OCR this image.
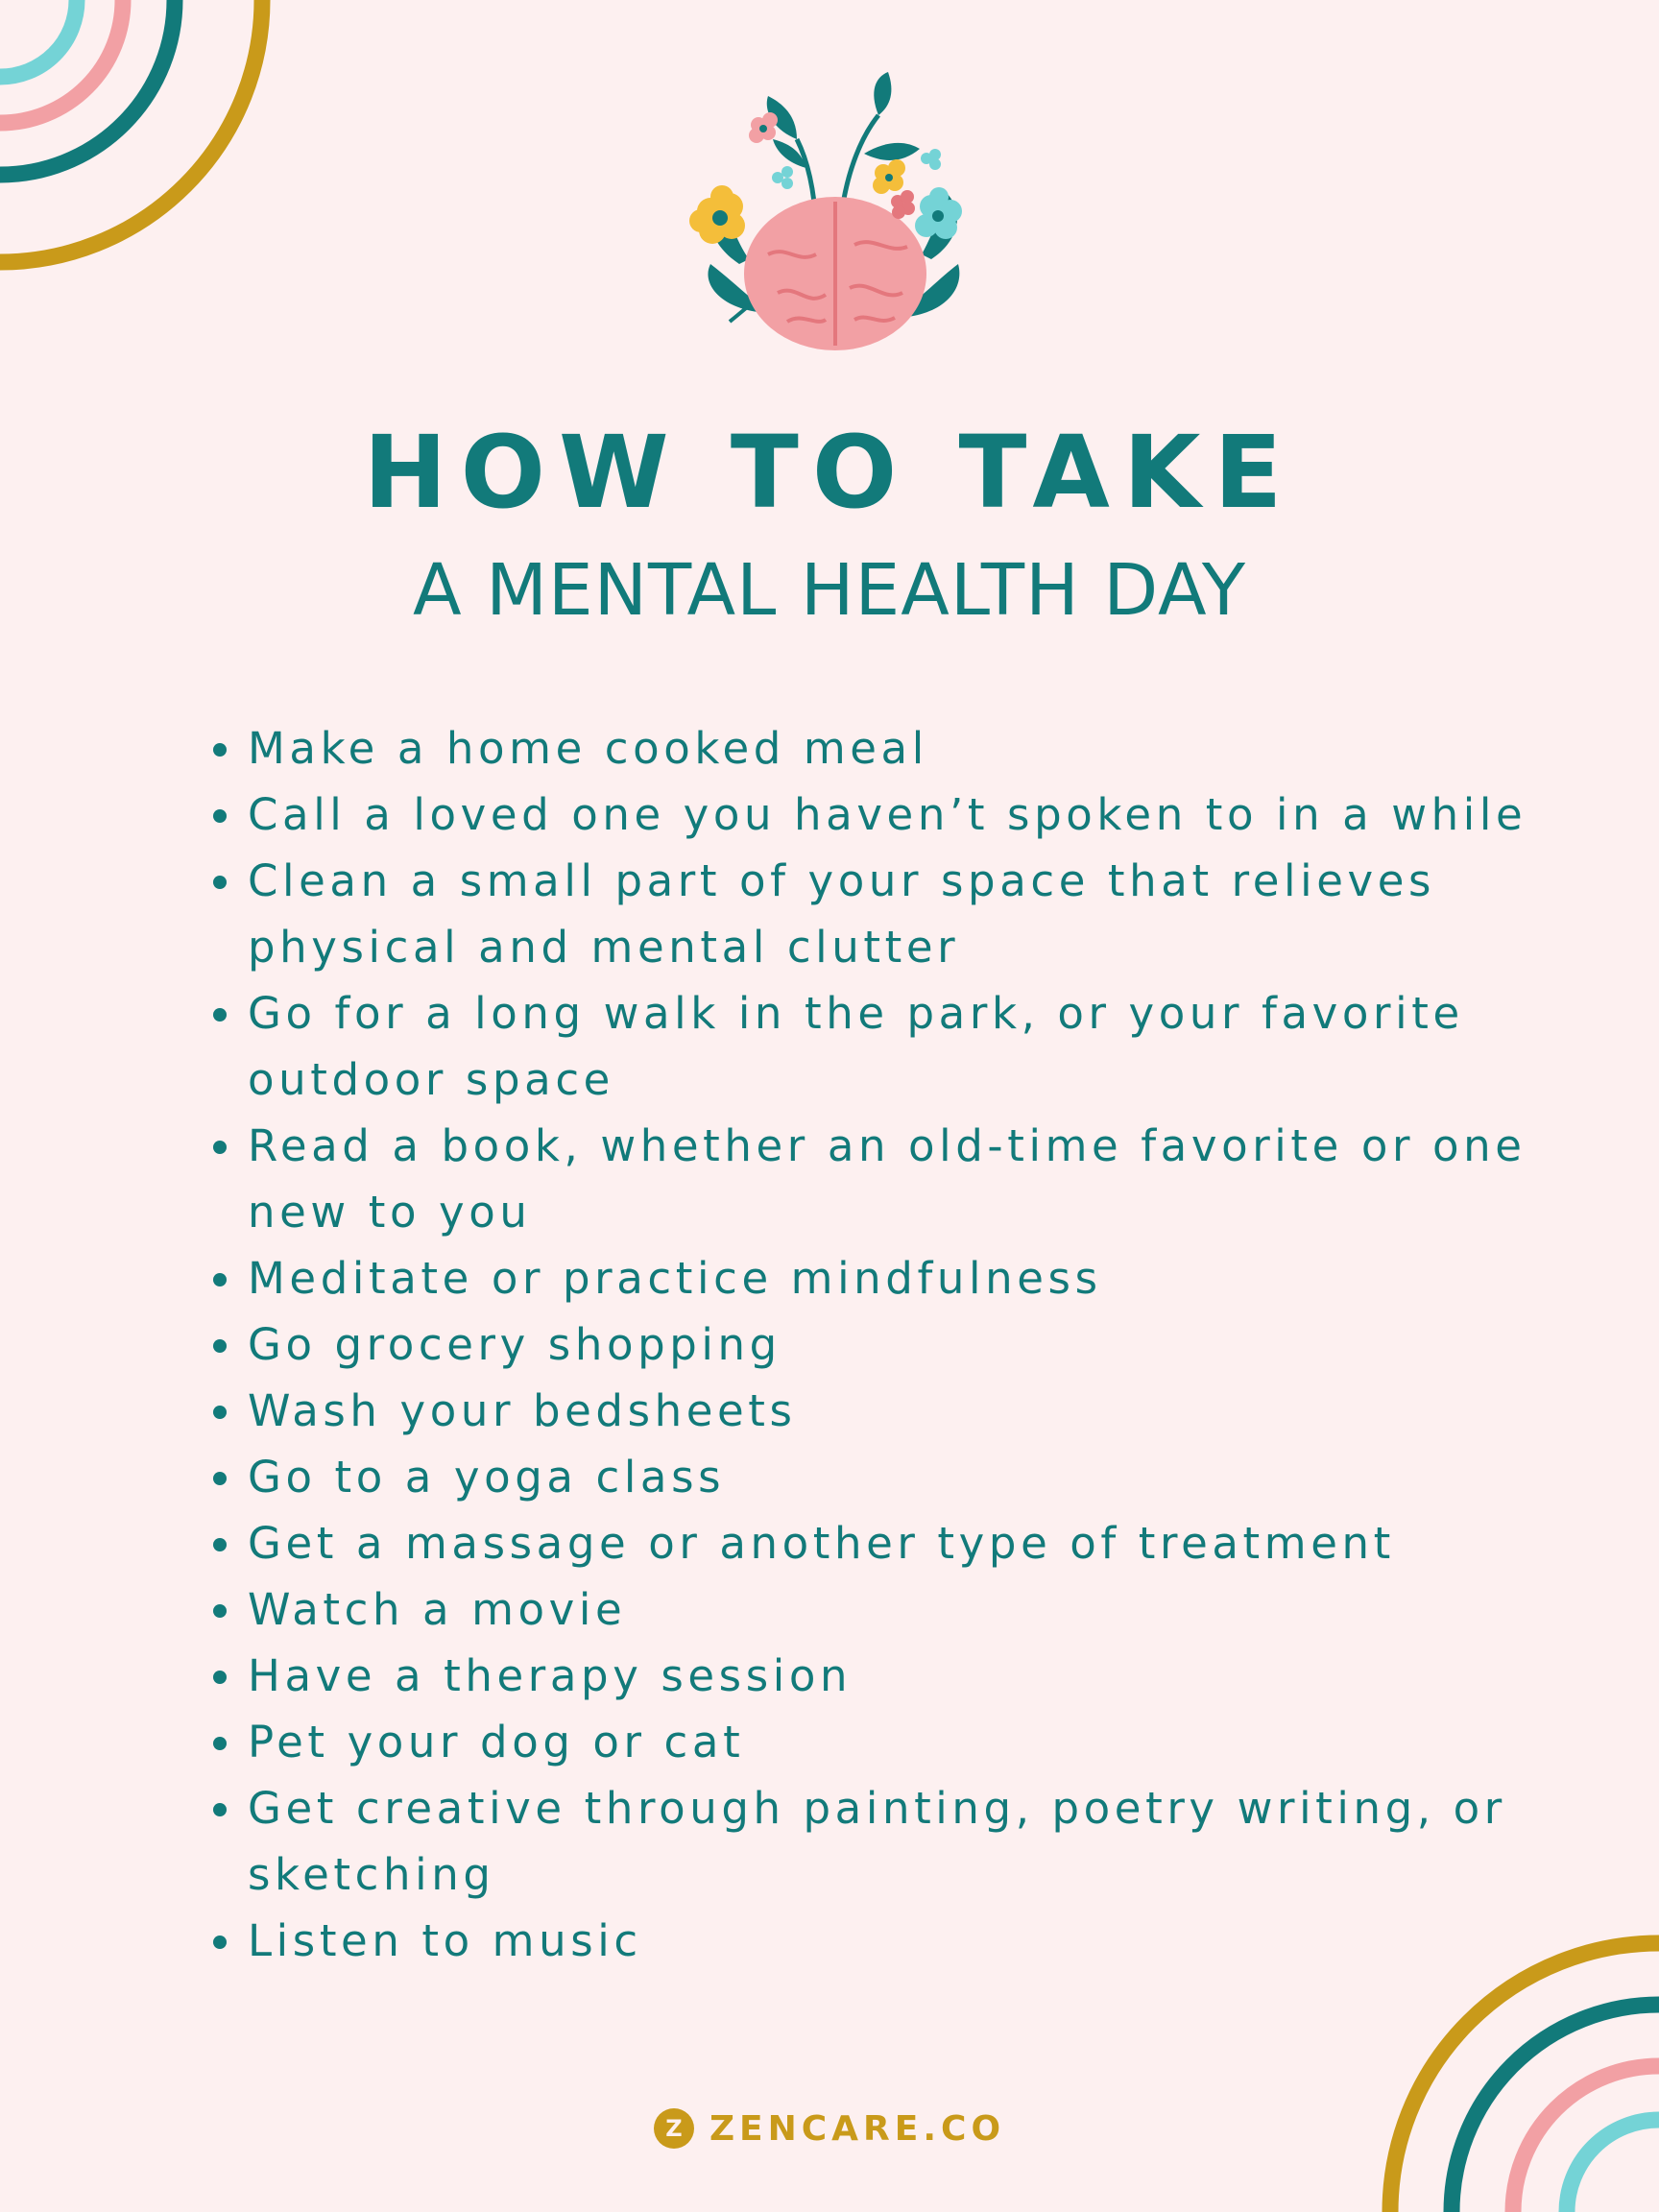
HOW TO TAKE
A MENTAL HEALTH DAY
Make a home cooked meal
Call a loved one you haven’t spoken to in a while
Clean a small part of your space that relieves
physical and mental clutter
Go for a long walk in the park, or your favorite
outdoor space
Read a book, whether an old-time favorite or one
new to you
Meditate or practice mindfulness
Go grocery shopping
Wash your bedsheets
Go to a yoga class
Get a massage or another type of treatment
Watch a movie
Have a therapy session
Pet your dog or cat
Get creative through painting, poetry writing, or
sketching
Listen to music
Z ZENCARE.CO
